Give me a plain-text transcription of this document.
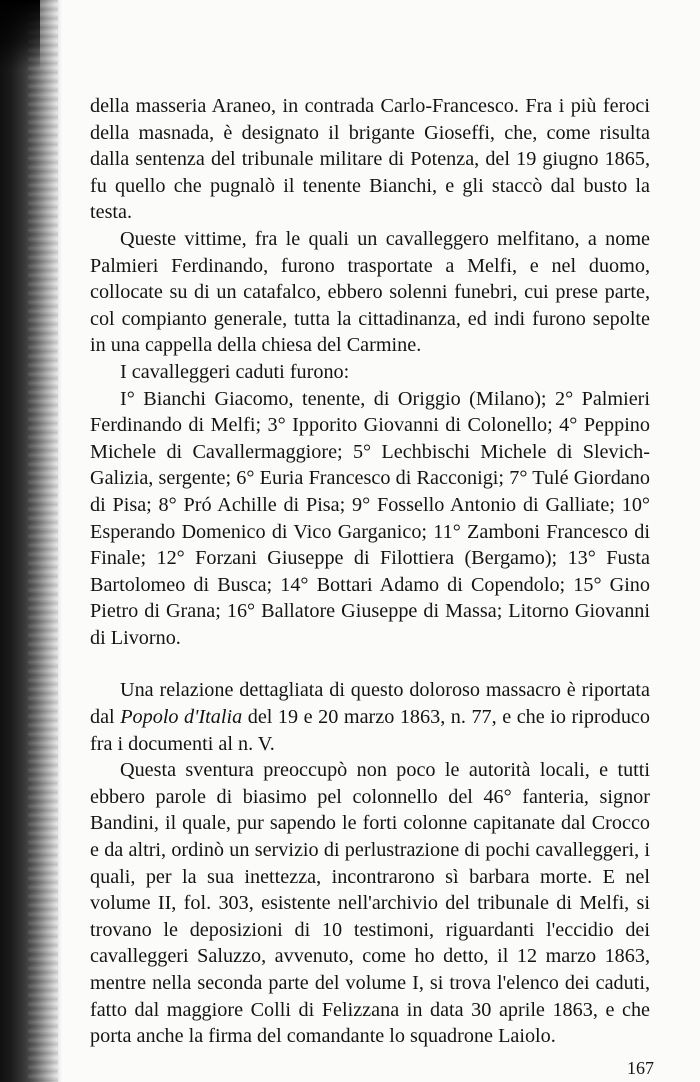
della masseria Araneo, in contrada Carlo-Francesco. Fra i più feroci della masnada, è designato il brigante Gioseffi, che, come risulta dalla sentenza del tribunale militare di Potenza, del 19 giugno 1865, fu quello che pugnalò il tenente Bianchi, e gli staccò dal busto la testa.

Queste vittime, fra le quali un cavalleggero melfitano, a nome Palmieri Ferdinando, furono trasportate a Melfi, e nel duomo, collocate su di un catafalco, ebbero solenni funebri, cui prese parte, col compianto generale, tutta la cittadinanza, ed indi furono sepolte in una cappella della chiesa del Carmine.

I cavalleggeri caduti furono:

I° Bianchi Giacomo, tenente, di Origgio (Milano); 2° Palmieri Ferdinando di Melfi; 3° Ipporito Giovanni di Colonello; 4° Peppino Michele di Cavallermaggiore; 5° Lechbischi Michele di Slevich-Galizia, sergente; 6° Euria Francesco di Racconigi; 7° Tulé Giordano di Pisa; 8° Pró Achille di Pisa; 9° Fossello Antonio di Galliate; 10° Esperando Domenico di Vico Garganico; 11° Zamboni Francesco di Finale; 12° Forzani Giuseppe di Filottiera (Bergamo); 13° Fusta Bartolomeo di Busca; 14° Bottari Adamo di Copendolo; 15° Gino Pietro di Grana; 16° Ballatore Giuseppe di Massa; Litorno Giovanni di Livorno.

Una relazione dettagliata di questo doloroso massacro è riportata dal Popolo d'Italia del 19 e 20 marzo 1863, n. 77, e che io riproduco fra i documenti al n. V.

Questa sventura preoccupò non poco le autorità locali, e tutti ebbero parole di biasimo pel colonnello del 46° fanteria, signor Bandini, il quale, pur sapendo le forti colonne capitanate dal Crocco e da altri, ordinò un servizio di perlustrazione di pochi cavalleggeri, i quali, per la sua inettezza, incontrarono sì barbara morte. E nel volume II, fol. 303, esistente nell'archivio del tribunale di Melfi, si trovano le deposizioni di 10 testimoni, riguardanti l'eccidio dei cavalleggeri Saluzzo, avvenuto, come ho detto, il 12 marzo 1863, mentre nella seconda parte del volume I, si trova l'elenco dei caduti, fatto dal maggiore Colli di Felizzana in data 30 aprile 1863, e che porta anche la firma del comandante lo squadrone Laiolo.

167
